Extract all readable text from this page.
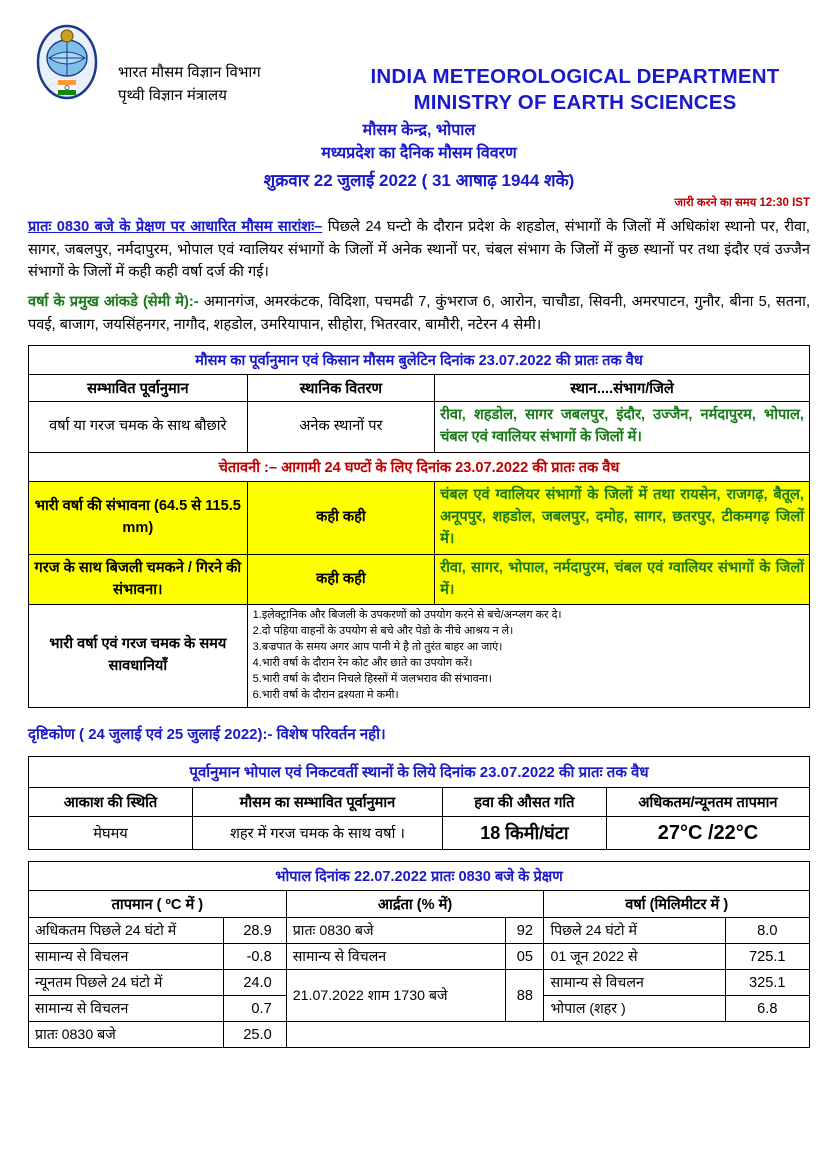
भारत मौसम विज्ञान विभाग
पृथ्वी विज्ञान मंत्रालय
INDIA METEOROLOGICAL DEPARTMENT
MINISTRY OF EARTH SCIENCES
मौसम केन्द्र, भोपाल
मध्यप्रदेश का दैनिक मौसम विवरण
शुक्रवार 22 जुलाई 2022 ( 31 आषाढ़ 1944 शके)
जारी करने का समय 12:30 IST
प्रातः 0830 बजे के प्रेक्षण पर आधारित मौसम सारांशः– पिछले 24 घन्टो के दौरान प्रदेश के शहडोल, संभागों के जिलों में अधिकांश स्थानो पर, रीवा, सागर, जबलपुर, नर्मदापुरम, भोपाल एवं ग्वालियर संभागों के जिलों में अनेक स्थानों पर, चंबल संभाग के जिलों में कुछ स्थानों पर तथा इंदौर एवं उज्जैन संभागों के जिलों में कही कही वर्षा दर्ज की गई।
वर्षा के प्रमुख आंकडे (सेमी मे):- अमानगंज, अमरकंटक, विदिशा, पचमढी 7, कुंभराज 6, आरोन, चाचौडा, सिवनी, अमरपाटन, गुनौर, बीना 5, सतना, पवई, बाजाग, जयसिंहनगर, नागौद, शहडोल, उमरियापान, सीहोरा, भितरवार, बामौरी, नटेरन 4 सेमी।
मौसम का पूर्वानुमान एवं किसान मौसम बुलेटिन दिनांक 23.07.2022 की प्रातः तक वैध		
सम्भावित पूर्वानुमान	स्थानिक वितरण	स्थान....संभाग/जिले
वर्षा या गरज चमक के साथ बौछारे	अनेक स्थानों पर	रीवा, शहडोल, सागर जबलपुर, इंदौर, उज्जैन, नर्मदापुरम, भोपाल, चंबल एवं ग्वालियर संभागों के जिलों में।
चेतावनी :– आगामी 24 घण्टों के लिए दिनांक 23.07.2022 की प्रातः तक वैध		
भारी वर्षा की संभावना (64.5 से 115.5 mm)	कही कही	चंबल एवं ग्वालियर संभागों के जिलों में तथा रायसेन, राजगढ़, बैतूल, अनूपपुर, शहडोल, जबलपुर, दमोह, सागर, छतरपुर, टीकमगढ़ जिलों में।
गरज के साथ बिजली चमकने / गिरने की संभावना।	कही कही	रीवा, सागर, भोपाल, नर्मदापुरम, चंबल एवं ग्वालियर संभागों के जिलों में।
भारी वर्षा एवं गरज चमक के समय सावधानियाँ	
1.इलेक्ट्रानिक और बिजली के उपकरणों को उपयोग करने से बचे/अन्प्लग कर दे।
2.दो पहिया वाहनों के उपयोग से बचे और पेडो के नीचे आश्रय न ले।
3.बज्रपात के समय अगर आप पानी मे है तो तुरंत बाहर आ जाएं।
4.भारी वर्षा के दौरान रेन कोट और छाते का उपयोग करें।
5.भारी वर्षा के दौरान निचले हिस्सों में जलभराव की संभावना।
6.भारी वर्षा के दौरान द्रश्यता मे कमी।
दृष्टिकोण ( 24 जुलाई एवं 25 जुलाई 2022):- विशेष परिवर्तन नही।
पूर्वानुमान भोपाल एवं निकटवर्ती स्थानों के लिये दिनांक 23.07.2022 की प्रातः तक वैध			
आकाश की स्थिति	मौसम का सम्भावित पूर्वानुमान	हवा की औसत गति	अधिकतम/न्यूनतम तापमान
मेघमय	शहर में गरज चमक के साथ वर्षा ।	18 किमी/घंटा	27°C /22°C
भोपाल दिनांक 22.07.2022 प्रातः 0830 बजे के प्रेक्षण					
तापमान ( ºC में )		आर्द्रता (% में)		वर्षा (मिलिमीटर में )	
अधिकतम पिछले 24 घंटो में	28.9	प्रातः 0830 बजे	92	पिछले 24 घंटो में	8.0
सामान्य से विचलन	-0.8	सामान्य से विचलन	05	01 जून 2022 से	725.1
न्यूनतम पिछले 24 घंटो में	24.0	21.07.2022 शाम 1730 बजे	88	सामान्य से विचलन	325.1
सामान्य से विचलन	0.7			भोपाल (शहर )	6.8
प्रातः 0830 बजे	25.0				
